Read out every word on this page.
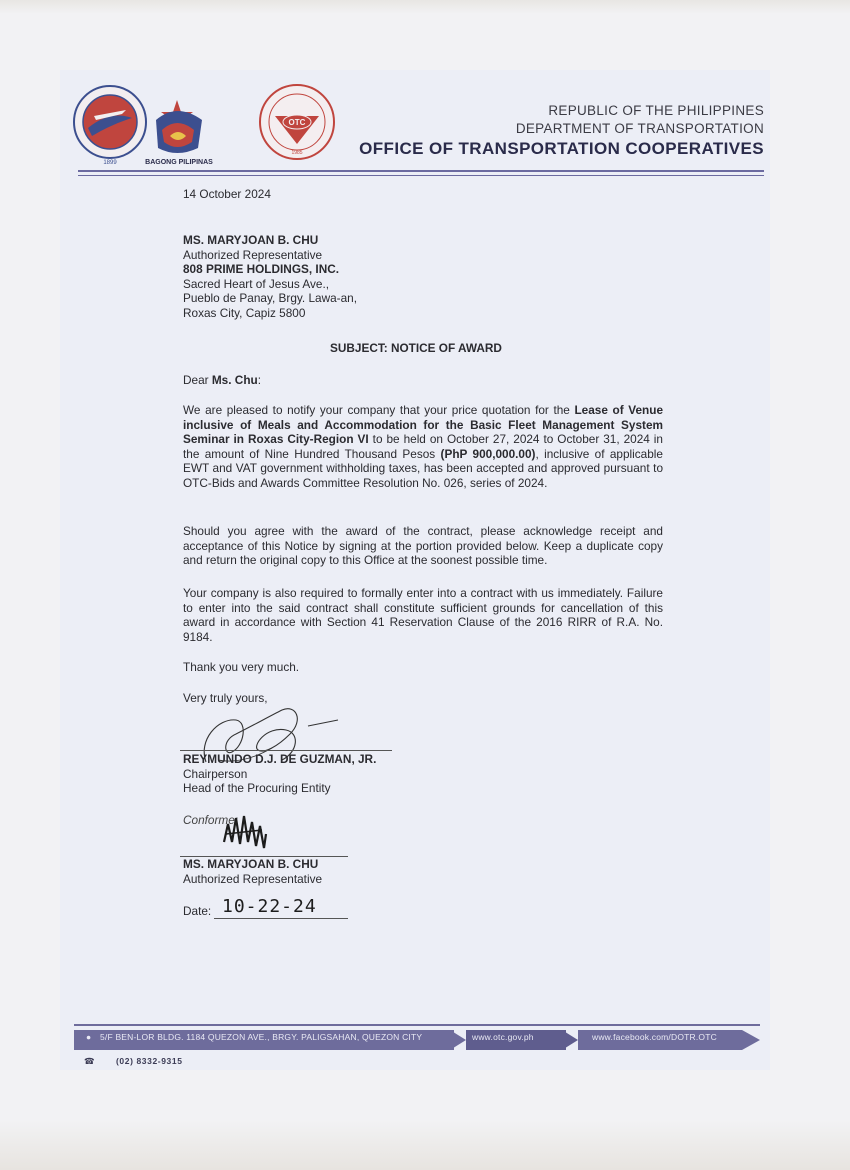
1899	BAGONG PILIPINAS
OTC
1985
REPUBLIC OF THE PHILIPPINES
DEPARTMENT OF TRANSPORTATION
OFFICE OF TRANSPORTATION COOPERATIVES
14 October 2024
MS. MARYJOAN B. CHU
Authorized Representative
808 PRIME HOLDINGS, INC.
Sacred Heart of Jesus Ave.,
Pueblo de Panay, Brgy. Lawa-an,
Roxas City, Capiz 5800
SUBJECT: NOTICE OF AWARD
Dear Ms. Chu:
We are pleased to notify your company that your price quotation for the Lease of Venue inclusive of Meals and Accommodation for the Basic Fleet Management System Seminar in Roxas City-Region VI to be held on October 27, 2024 to October 31, 2024 in the amount of Nine Hundred Thousand Pesos (PhP 900,000.00), inclusive of applicable EWT and VAT government withholding taxes, has been accepted and approved pursuant to OTC-Bids and Awards Committee Resolution No. 026, series of 2024.
Should you agree with the award of the contract, please acknowledge receipt and acceptance of this Notice by signing at the portion provided below. Keep a duplicate copy and return the original copy to this Office at the soonest possible time.
Your company is also required to formally enter into a contract with us immediately. Failure to enter into the said contract shall constitute sufficient grounds for cancellation of this award in accordance with Section 41 Reservation Clause of the 2016 RIRR of R.A. No. 9184.
Thank you very much.
Very truly yours,
REYMUNDO D.J. DE GUZMAN, JR.
Chairperson
Head of the Procuring Entity
Conforme:
MS. MARYJOAN B. CHU
Authorized Representative
Date: 10-22-24
● 5/F BEN-LOR BLDG. 1184 QUEZON AVE., BRGY. PALIGSAHAN, QUEZON CITY	www.otc.gov.ph	www.facebook.com/DOTR.OTC
☎ (02) 8332-9315
